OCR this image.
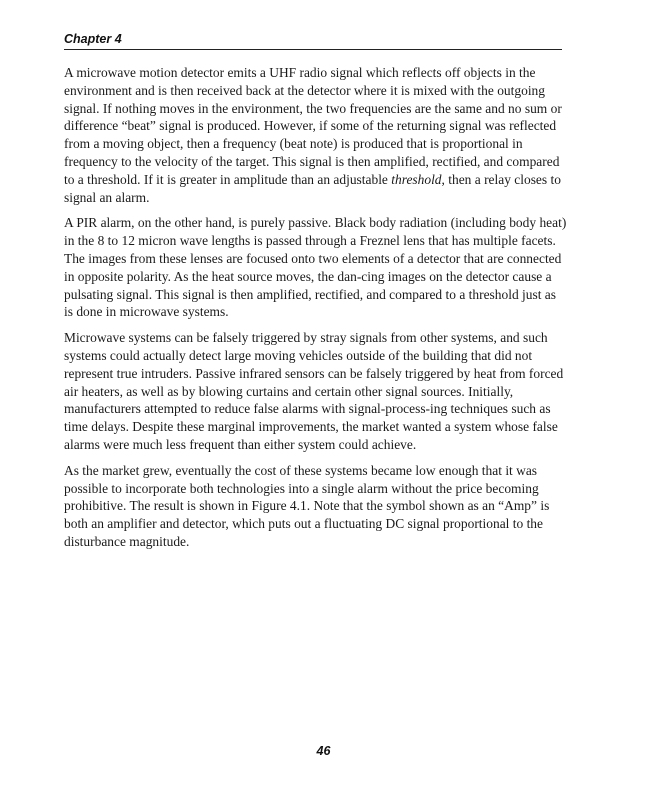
Chapter 4

A microwave motion detector emits a UHF radio signal which reflects off objects in the environment and is then received back at the detector where it is mixed with the outgoing signal. If nothing moves in the environment, the two frequencies are the same and no sum or difference “beat” signal is produced. However, if some of the returning signal was reflected from a moving object, then a frequency (beat note) is produced that is proportional in frequency to the velocity of the target. This signal is then amplified, rectified, and compared to a threshold. If it is greater in amplitude than an adjustable threshold, then a relay closes to signal an alarm.

A PIR alarm, on the other hand, is purely passive. Black body radiation (including body heat) in the 8 to 12 micron wave lengths is passed through a Freznel lens that has multiple facets. The images from these lenses are focused onto two elements of a detector that are connected in opposite polarity. As the heat source moves, the dan-cing images on the detector cause a pulsating signal. This signal is then amplified, rectified, and compared to a threshold just as is done in microwave systems.

Microwave systems can be falsely triggered by stray signals from other systems, and such systems could actually detect large moving vehicles outside of the building that did not represent true intruders. Passive infrared sensors can be falsely triggered by heat from forced air heaters, as well as by blowing curtains and certain other signal sources. Initially, manufacturers attempted to reduce false alarms with signal-process-ing techniques such as time delays. Despite these marginal improvements, the market wanted a system whose false alarms were much less frequent than either system could achieve.

As the market grew, eventually the cost of these systems became low enough that it was possible to incorporate both technologies into a single alarm without the price becoming prohibitive. The result is shown in Figure 4.1. Note that the symbol shown as an “Amp” is both an amplifier and detector, which puts out a fluctuating DC signal proportional to the disturbance magnitude.

46
